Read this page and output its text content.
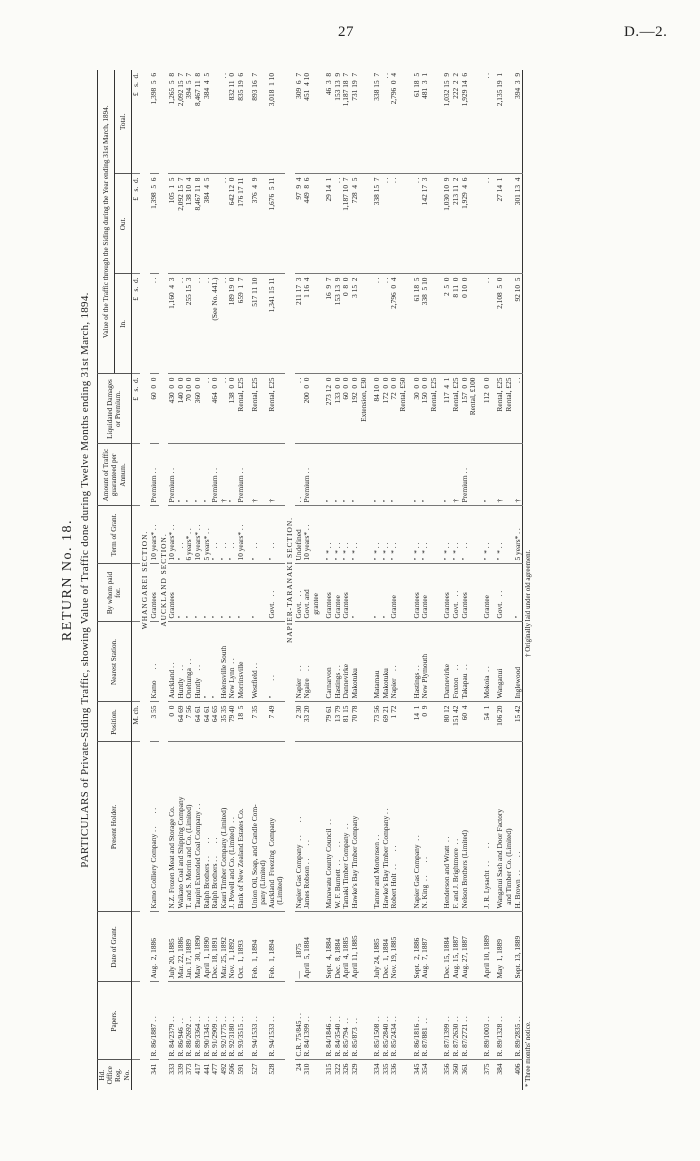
27	D.—2.
RETURN No. 18. PARTICULARS of Private-Siding Traffic, showing Value of Traffic done during Twelve Months ending 31st March, 1894.
Hd. Office Reg. No.	Papers.	Date of Grant.	Present Holder.	Position.	Nearest Station.	By whom paid for.	Term of Grant.	Amount of Traffic guaranteed per Annum.	Liquidated Damages or Premium.	Value of the Traffic through the Siding during the Year ending 31st March, 1894.		
										In.	Out.	Total.
				M. ch.					£   s.  d.	£   s.  d.	£   s.  d.	£   s.  d.
WHANGAREI SECTION.												
341	R. 86/1887 . .	Aug.  2, 1886	Kamo Colliery Company . .       . .	3 55	Kamo      . .	Grantees	10 years* . .	Premium . .	60  0  0	. .	1,398  5  6	1,398  5  6
AUCKLAND SECTION.												
333	R. 84/2379 . .	July 20, 1885	N.Z. Frozen Meat and Storage Co.	0  0	Auckland . .	Grantees	10 years* . .	Premium . .	430  0  0	1,160  4  3	105  1  5	1,265  5  8
339	R. 86/946  . .	Mar. 22, 1886	Waikato Coal and Shipping Company	64 69	Huntly    . .	"	"     . .	"	140  0  0	. .	2,092 15  7	2,092 15  7
373	R. 88/2692 . .	Jan. 17, 1889	T. and S. Morrin and Co. (Limited)	7 56	Onehunga  . .	"	6 years* . .	"	70 10  0	255 15  3	138 10  4	394  5  7
417	R. 89/3364 . .	May  30, 1890	Taupiri Extended Coal Company . .	64 61	Huntly    . .	"	10 years* . .	"	360  0  0	. .	8,467 11  8	8,467 11  8
441	R. 90/1345 . .	April  1, 1890	Ralph Brothers . .       . .	64 61	"	"	5 years* . .	"	. .	. .	384  4  5	384  4  5
477	R. 91/2909 . .	Dec. 18, 1891	Ralph Brothers . .       . .	64 65	"	"	"     . .	Premium . .	464  0  0	(See No. 441.)		
492	R. 92/1775 . .	Mar. 25, 1892	Kauri Timber Company (Limited)	35 35	Helensville South	"	"     . .	†	. .	. .	. .	. .
506	R. 92/3180 . .	Nov.  1, 1892	J. Powell and Co. (Limited)  . .	79 40	New Lynn  . .	"	"     . .	"	138  0  0	189 19  0	642 12  0	832 11  0
591	R. 93/3515 . .	Oct.  1, 1893	Bank of New Zealand Estates Co.	18  5	Morrinsville	"	10 years* . .	Premium . .	Rental, £25	659  1  7	176 17 11	835 19  6
527	R. 94/1533 . .	Feb.  1, 1894	Union Oil, Soap, and Candle Com-
pany (Limited)	7 35	Westfield . .	"	"     . .	†	Rental, £25	517 11 10	376  4  9	893 16  7
528	R. 94/1533 . .	Feb.  1, 1894	Auckland  Freezing  Company
(Limited)	7 49	"        . .	Govt.   . .	"     . .	†	Rental, £25	1,341 15 11	1,676  5 11	3,018  1 10
NAPIER-TARANAKI SECTION.												
24	C.R. 75/845 . .	—       1875	Napier Gas Company  . .       . .	2 30	Napier    . .	Govt.   . .	Undefined	. .	. .	211 17  3	97  9  4	309  6  7
310	R. 84/1399 . .	April  5, 1884	James Robson . .       . .	33 20	Ngaire    . .	Govt. and
grantee	10 years* . .	Premium . .	200  0  0	1 16  4	449  8  6	451  4 10
315	R. 84/1846 . .	Sept.  4, 1884	Manawatu County Council  . .	79 61	Carnarvon	Grantees	"  * . .	"	273 12  0	16  9  7	29 14  1	46  3  8
322	R. 84/3540 . .	Dec.  8, 1884	W. F. Burnett  . .       . .	13 79	Hastings . .	Grantee	"  * . .	"	133  0  0	153 13  9	. .	153 13  9
326	R. 85/794  . .	April  4, 1885	Tamaki Timber Company  . .	81 15	Dannevirke	Grantees	"  * . .	"	60  0  0	0  8  0	1,187 10  7	1,187 18  7
329	R. 85/873  . .	April 11, 1885	Hawke's Bay Timber Company	70 78	Makotuku	"	"  * . .	"	192  0  0
Extension, £30	3 15  2	728  4  5	731 19  7
334	R. 85/1508 . .	July 24, 1885	Tanner and Mortensen . .	73 56	Matamau	"	"  * . .	"	84 10  0	. .	338 15  7	338 15  7
335	R. 85/2840 . .	Dec.  1, 1884	Hawke's Bay Timber Company . .	69 21	Makotuku	"	"  * . .	"	172  0  0	. .	. .	. .
336	R. 85/2434 . .	Nov. 19, 1885	Robert Holt  . .       . .	1 72	Napier    . .	Grantee	"  * . .	"	72  0  0
Rental, £50	2,796  0  4	. .	2,796  0  4
345	R. 86/1816 . .	Sept.  2, 1886	Napier Gas Company  . .	14  1	Hastings . .	Grantees	"  * . .	"	30  0  0	61 18  5	. .	61 18  5
354	R. 87/881  . .	Aug.  7, 1887	N. King  . .       . .	0  9	New Plymouth	Grantee	"  * . .	"	150  0  0
Rental, £25	338  5 10	142 17  3	481  3  1
356	R. 87/1399 . .	Dec. 15, 1884	Henderson and Wratt  . .	80 12	Dannevirke	Grantees	"  * . .	"	117  4  1	2  5  0	1,030 10  9	1,032 15  9
360	R. 87/2630 . .	Aug. 15, 1887	F. and J. Brightmore  . .	151 42	Foxton    . .	Govt.   . .	"  * . .	†	Rental, £25	8 11  0	213 11  2	222  2  2
361	R. 87/2721 . .	Aug. 27, 1887	Nelson Brothers (Limited)	60  4	Takapau  . .	Grantees	"     . .	Premium . .	157  0  0
Rental, £100	0 10  0	1,929  4  6	1,929 14  6
375	R. 89/1003 . .	April 10, 1889	J. R. Lysacht  . .       . .	54  1	Mokoia  . .	Grantee	"  * . .	"	112  0  0	. .	. .	. .
384	R. 89/1328 . .	May  1, 1889	Wanganui Sash and Door Factory
and Timber Co. (Limited)	106 20	Wanganui	Govt.   . .	"  * . .	†	Rental, £25
Rental, £25	2,108  5  0	27 14  1	2,135 19  1
406	R. 89/2835 . .	Sept. 13, 1889	H. Brown  . .       . .	15 42	Inglewood	"	5 years* . .	†	. .	92 10  5	301 13  4	394  3  9
* Three months' notice.† Originally laid under old agreement.												
